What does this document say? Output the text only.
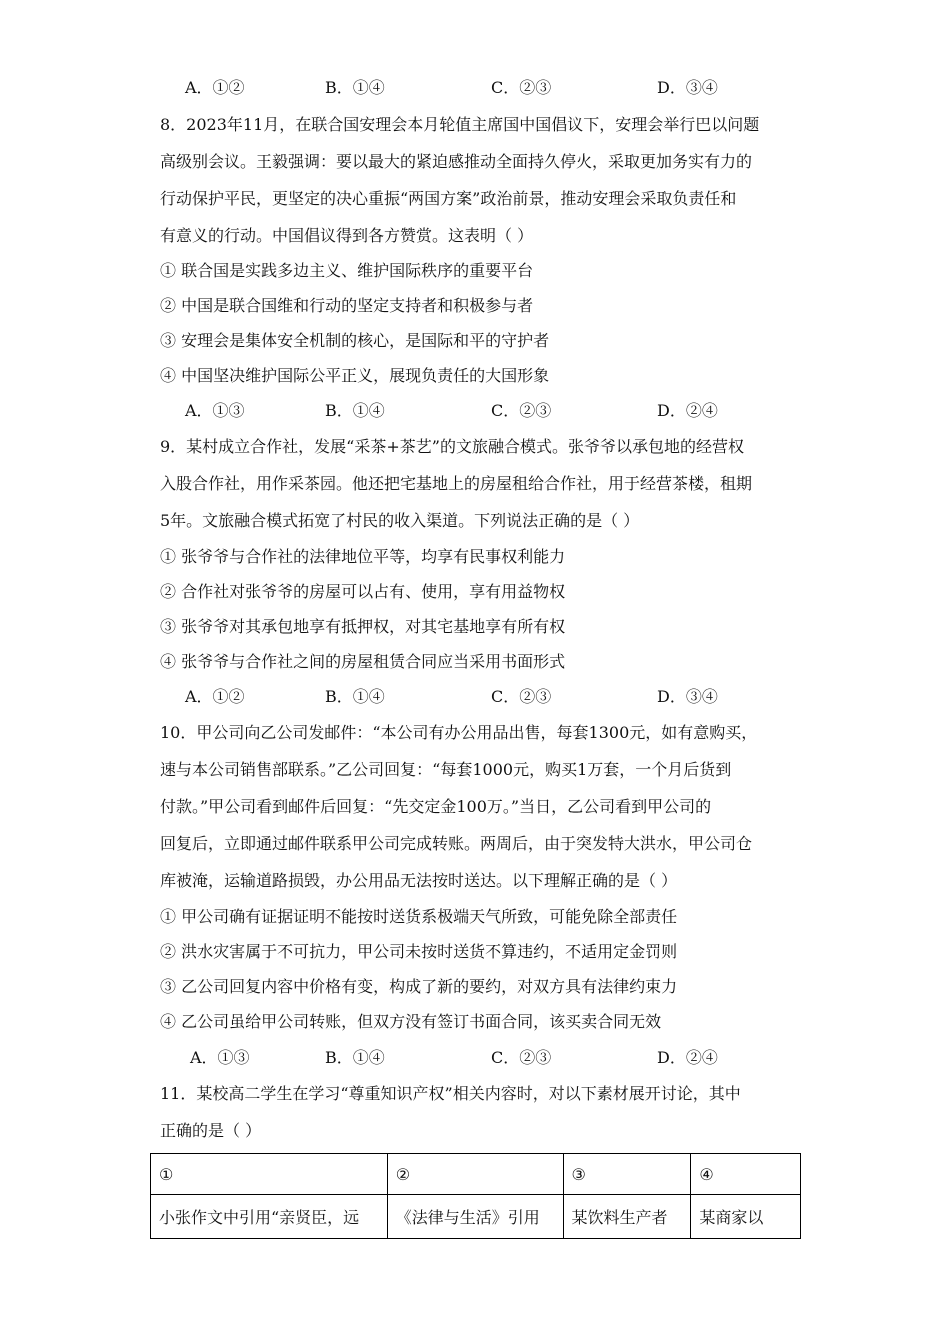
A．①②	B．①④	C．②③	D．③④
8．2023年11月，在联合国安理会本月轮值主席国中国倡议下，安理会举行巴以问题
高级别会议。王毅强调：要以最大的紧迫感推动全面持久停火，采取更加务实有力的
行动保护平民，更坚定的决心重振“两国方案”政治前景，推动安理会采取负责任和
有意义的行动。中国倡议得到各方赞赏。这表明（ ）
① 联合国是实践多边主义、维护国际秩序的重要平台
② 中国是联合国维和行动的坚定支持者和积极参与者
③ 安理会是集体安全机制的核心，是国际和平的守护者
④ 中国坚决维护国际公平正义，展现负责任的大国形象
A．①③	B．①④	C．②③	D．②④
9．某村成立合作社，发展“采茶+茶艺”的文旅融合模式。张爷爷以承包地的经营权
入股合作社，用作采茶园。他还把宅基地上的房屋租给合作社，用于经营茶楼，租期
5年。文旅融合模式拓宽了村民的收入渠道。下列说法正确的是（ ）
① 张爷爷与合作社的法律地位平等，均享有民事权利能力
② 合作社对张爷爷的房屋可以占有、使用，享有用益物权
③ 张爷爷对其承包地享有抵押权，对其宅基地享有所有权
④ 张爷爷与合作社之间的房屋租赁合同应当采用书面形式
A．①②	B．①④	C．②③	D．③④
10．甲公司向乙公司发邮件：“本公司有办公用品出售，每套1300元，如有意购买，
速与本公司销售部联系。”乙公司回复：“每套1000元，购买1万套，一个月后货到
付款。”甲公司看到邮件后回复：“先交定金100万。”当日，乙公司看到甲公司的
回复后，立即通过邮件联系甲公司完成转账。两周后，由于突发特大洪水，甲公司仓
库被淹，运输道路损毁，办公用品无法按时送达。以下理解正确的是（ ）
① 甲公司确有证据证明不能按时送货系极端天气所致，可能免除全部责任
② 洪水灾害属于不可抗力，甲公司未按时送货不算违约，不适用定金罚则
③ 乙公司回复内容中价格有变，构成了新的要约，对双方具有法律约束力
④ 乙公司虽给甲公司转账，但双方没有签订书面合同，该买卖合同无效
A．①③	B．①④	C．②③	D．②④
11．某校高二学生在学习“尊重知识产权”相关内容时，对以下素材展开讨论，其中
正确的是（ ）
①	②	③	④
小张作文中引用“亲贤臣，远	《法律与生活》引用	某饮料生产者	某商家以
